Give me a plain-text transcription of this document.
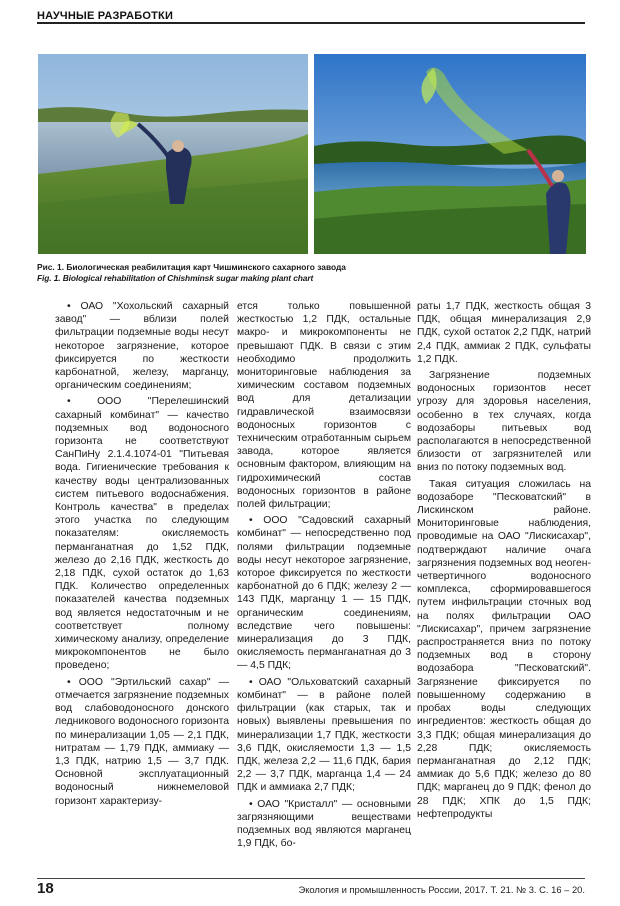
НАУЧНЫЕ РАЗРАБОТКИ
Рис. 1. Биологическая реабилитация карт Чишминского сахарного завода
Fig. 1. Biological rehabilitation of Chishminsk sugar making plant chart

• ОАО "Хохольский сахарный завод" — вблизи полей фильтрации подземные воды несут некоторое загрязнение, которое фиксируется по жесткости карбонатной, железу, марганцу, органическим соединениям;

• ООО "Перелешинский сахарный комбинат" — качество подземных вод водоносного горизонта не соответствуют СанПиНу 2.1.4.1074-01 "Питьевая вода. Гигиенические требования к качеству воды централизованных систем питьевого водоснабжения. Контроль качества" в пределах этого участка по следующим показателям: окисляемость перманганатная до 1,52 ПДК, железо до 2,16 ПДК, жесткость до 2,18 ПДК, сухой остаток до 1,63 ПДК. Количество определенных показателей качества подземных вод является недостаточным и не соответствует полному химическому анализу, определение микрокомпонентов не было проведено;

• ООО "Эртильский сахар" — отмечается загрязнение подземных вод слабоводоносного донского ледникового водоносного горизонта по минерализации 1,05 — 2,1 ПДК, нитратам — 1,79 ПДК, аммиаку — 1,3 ПДК, натрию 1,5 — 3,7 ПДК. Основной эксплуатационный водоносный нижнемеловой горизонт характеризу-

ется только повышенной жесткостью 1,2 ПДК, остальные макро- и микрокомпоненты не превышают ПДК. В связи с этим необходимо продолжить мониторинговые наблюдения за химическим составом подземных вод для детализации гидравлической взаимосвязи водоносных горизонтов с техническим отработанным сырьем завода, которое является основным фактором, влияющим на гидрохимический состав водоносных горизонтов в районе полей фильтрации;

• ООО "Садовский сахарный комбинат" — непосредственно под полями фильтрации подземные воды несут некоторое загрязнение, которое фиксируется по жесткости карбонатной до 6 ПДК; железу 2 — 143 ПДК, марганцу 1 — 15 ПДК, органическим соединениям, вследствие чего повышены: минерализация до 3 ПДК, окисляемость перманганатная до 3 — 4,5 ПДК;

• ОАО "Ольховатский сахарный комбинат" — в районе полей фильтрации (как старых, так и новых) выявлены превышения по минерализации 1,7 ПДК, жесткости 3,6 ПДК, окисляемости 1,3 — 1,5 ПДК, железа 2,2 — 11,6 ПДК, бария 2,2 — 3,7 ПДК, марганца 1,4 — 24 ПДК и аммиака 2,7 ПДК;

• ОАО "Кристалл" — основными загрязняющими веществами подземных вод являются марганец 1,9 ПДК, бо-

раты 1,7 ПДК, жесткость общая 3 ПДК, общая минерализация 2,9 ПДК, сухой остаток 2,2 ПДК, натрий 2,4 ПДК, аммиак 2 ПДК, сульфаты 1,2 ПДК.

Загрязнение подземных водоносных горизонтов несет угрозу для здоровья населения, особенно в тех случаях, когда водозаборы питьевых вод располагаются в непосредственной близости от загрязнителей или вниз по потоку подземных вод.

Такая ситуация сложилась на водозаборе "Песковатский" в Лискинском районе. Мониторинговые наблюдения, проводимые на ОАО "Лискисахар", подтверждают наличие очага загрязнения подземных вод неоген-четвертичного водоносного комплекса, сформировавшегося путем инфильтрации сточных вод на полях фильтрации ОАО "Лискисахар", причем загрязнение распространяется вниз по потоку подземных вод в сторону водозабора "Песковатский". Загрязнение фиксируется по повышенному содержанию в пробах воды следующих ингредиентов: жесткость общая до 3,3 ПДК; общая минерализация до 2,28 ПДК; окисляемость перманганатная до 2,12 ПДК; аммиак до 5,6 ПДК; железо до 80 ПДК; марганец до 9 ПДК; фенол до 28 ПДК; ХПК до 1,5 ПДК; нефтепродукты

18	Экология и промышленность России, 2017. Т. 21. № 3. С. 16 – 20.
